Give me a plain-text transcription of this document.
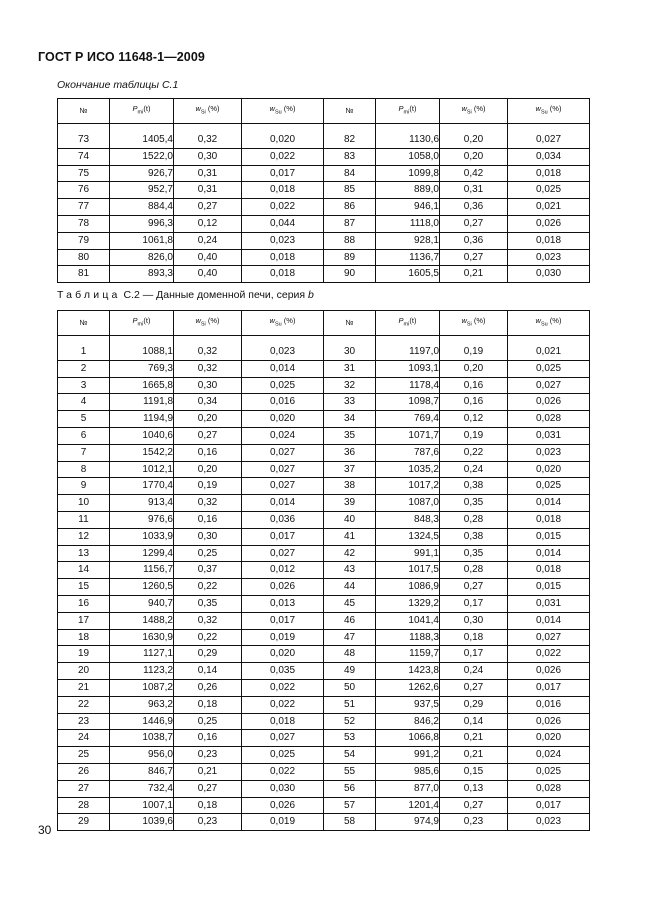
ГОСТ Р ИСО 11648-1—2009
Окончание таблицы С.1
№	$P_{mi}(t)$	$w_{Si}$ (%)	$w_{Su}$ (%)	№	$P_{mi}(t)$	$w_{Si}$ (%)	$w_{Su}$ (%)

73	1405,4	0,32	0,020	82	1130,6	0,20	0,027
74	1522,0	0,30	0,022	83	1058,0	0,20	0,034
75	926,7	0,31	0,017	84	1099,8	0,42	0,018
76	952,7	0,31	0,018	85	889,0	0,31	0,025
77	884,4	0,27	0,022	86	946,1	0,36	0,021
78	996,3	0,12	0,044	87	1118,0	0,27	0,026
79	1061,8	0,24	0,023	88	928,1	0,36	0,018
80	826,0	0,40	0,018	89	1136,7	0,27	0,023
81	893,3	0,40	0,018	90	1605,5	0,21	0,030
Таблица С.2 — Данные доменной печи, серия b
№	$P_{mi}(t)$	$w_{Si}$ (%)	$w_{Su}$ (%)	№	$P_{mi}(t)$	$w_{Si}$ (%)	$w_{Su}$ (%)

1	1088,1	0,32	0,023	30	1197,0	0,19	0,021
2	769,3	0,32	0,014	31	1093,1	0,20	0,025
3	1665,8	0,30	0,025	32	1178,4	0,16	0,027
4	1191,8	0,34	0,016	33	1098,7	0,16	0,026
5	1194,9	0,20	0,020	34	769,4	0,12	0,028
6	1040,6	0,27	0,024	35	1071,7	0,19	0,031
7	1542,2	0,16	0,027	36	787,6	0,22	0,023
8	1012,1	0,20	0,027	37	1035,2	0,24	0,020
9	1770,4	0,19	0,027	38	1017,2	0,38	0,025
10	913,4	0,32	0,014	39	1087,0	0,35	0,014
11	976,6	0,16	0,036	40	848,3	0,28	0,018
12	1033,9	0,30	0,017	41	1324,5	0,38	0,015
13	1299,4	0,25	0,027	42	991,1	0,35	0,014
14	1156,7	0,37	0,012	43	1017,5	0,28	0,018
15	1260,5	0,22	0,026	44	1086,9	0,27	0,015
16	940,7	0,35	0,013	45	1329,2	0,17	0,031
17	1488,2	0,32	0,017	46	1041,4	0,30	0,014
18	1630,9	0,22	0,019	47	1188,3	0,18	0,027
19	1127,1	0,29	0,020	48	1159,7	0,17	0,022
20	1123,2	0,14	0,035	49	1423,8	0,24	0,026
21	1087,2	0,26	0,022	50	1262,6	0,27	0,017
22	963,2	0,18	0,022	51	937,5	0,29	0,016
23	1446,9	0,25	0,018	52	846,2	0,14	0,026
24	1038,7	0,16	0,027	53	1066,8	0,21	0,020
25	956,0	0,23	0,025	54	991,2	0,21	0,024
26	846,7	0,21	0,022	55	985,6	0,15	0,025
27	732,4	0,27	0,030	56	877,0	0,13	0,028
28	1007,1	0,18	0,026	57	1201,4	0,27	0,017
29	1039,6	0,23	0,019	58	974,9	0,23	0,023
30
